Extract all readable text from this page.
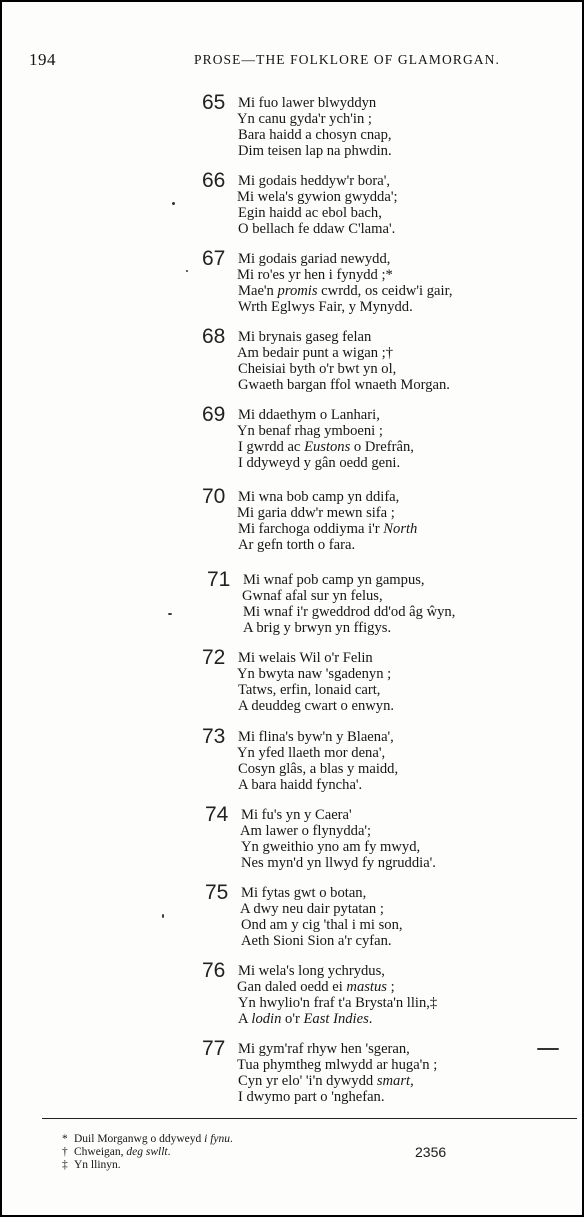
194	PROSE—THE FOLKLORE OF GLAMORGAN.
65 Mi fuo lawer blwyddyn
Yn canu gyda'r ych'in ;
Bara haidd a chosyn cnap,
Dim teisen lap na phwdin.
66 Mi godais heddyw'r bora',
Mi wela's gywion gwydda';
Egin haidd ac ebol bach,
O bellach fe ddaw C'lama'.
67 Mi godais gariad newydd,
Mi ro'es yr hen i fynydd ;*
Mae'n promis cwrdd, os ceidw'i gair,
Wrth Eglwys Fair, y Mynydd.
68 Mi brynais gaseg felan
Am bedair punt a wigan ;†
Cheisiai byth o'r bwt yn ol,
Gwaeth bargan ffol wnaeth Morgan.
69 Mi ddaethym o Lanhari,
Yn benaf rhag ymboeni ;
I gwrdd ac Eustons o Drefrân,
I ddyweyd y gân oedd geni.
70 Mi wna bob camp yn ddifa,
Mi garia ddw'r mewn sifa ;
Mi farchoga oddiyma i'r North
Ar gefn torth o fara.
71 Mi wnaf pob camp yn gampus,
Gwnaf afal sur yn felus,
Mi wnaf i'r gweddrod dd'od âg ŵyn,
A brig y brwyn yn ffigys.
72 Mi welais Wil o'r Felin
Yn bwyta naw 'sgadenyn ;
Tatws, erfin, lonaid cart,
A deuddeg cwart o enwyn.
73 Mi flina's byw'n y Blaena',
Yn yfed llaeth mor dena',
Cosyn glâs, a blas y maidd,
A bara haidd fyncha'.
74 Mi fu's yn y Caera'
Am lawer o flynydda';
Yn gweithio yno am fy mwyd,
Nes myn'd yn llwyd fy ngruddia'.
75 Mi fytas gwt o botan,
A dwy neu dair pytatan ;
Ond am y cig 'thal i mi son,
Aeth Sioni Sion a'r cyfan.
76 Mi wela's long ychrydus,
Gan daled oedd ei mastus ;
Yn hwylio'n fraf t'a Brysta'n llin,‡
A lodin o'r East Indies.
77 Mi gym'raf rhyw hen 'sgeran,
Tua phymtheg mlwydd ar huga'n ;
Cyn yr elo' 'i'n dywydd smart,
I dwymo part o 'nghefan.
* Duil Morganwg o ddyweyd i fynu.
† Chweigan, deg swllt.
‡ Yn llinyn.
2356
